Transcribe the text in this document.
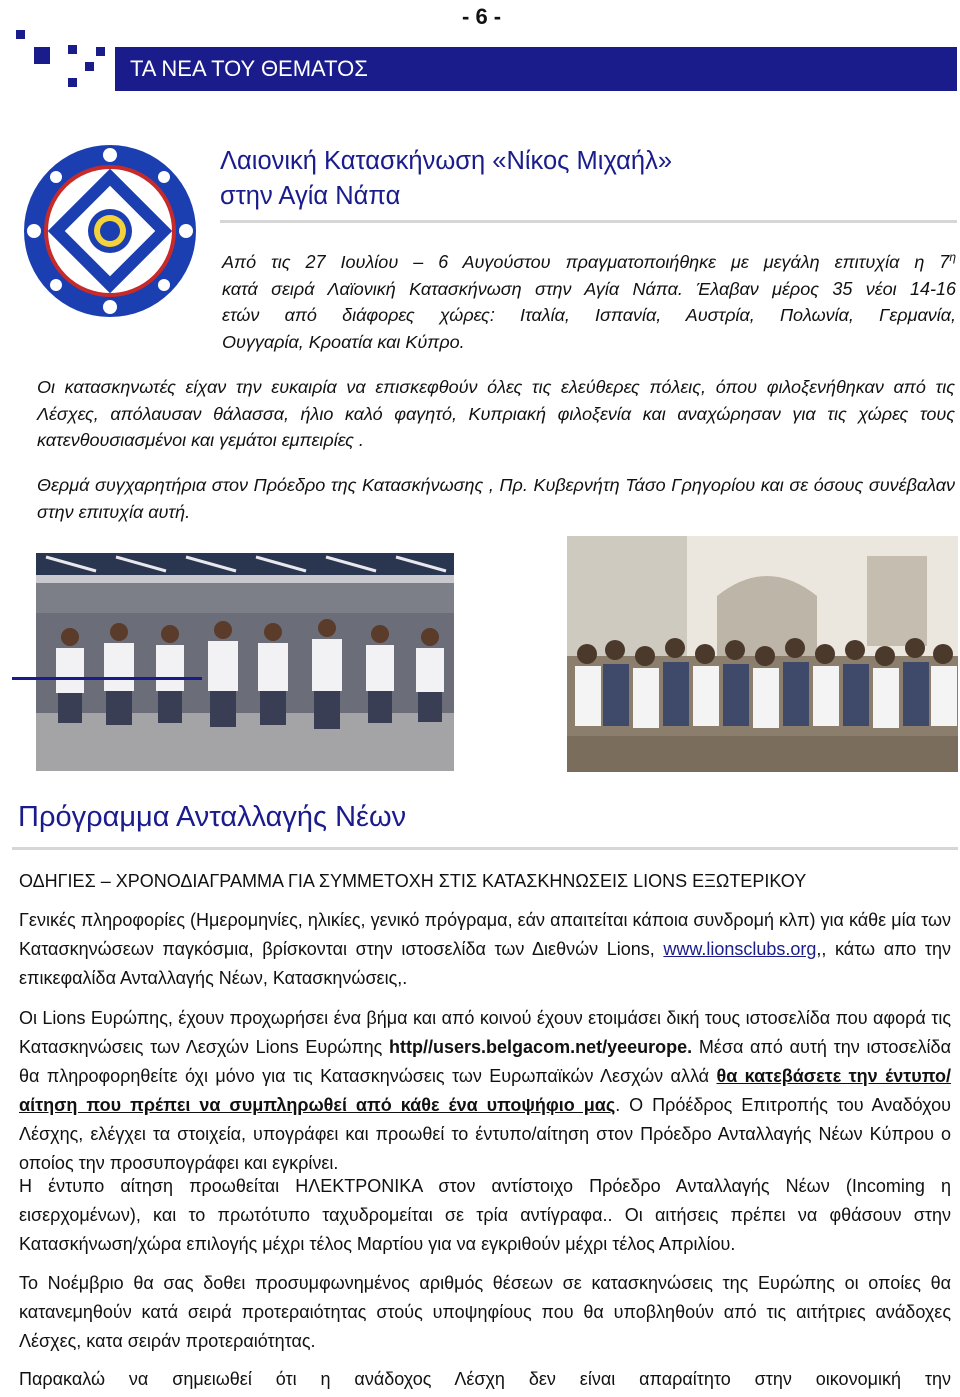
- 6 -
ΤΑ ΝΕΑ ΤΟΥ ΘΕΜΑΤΟΣ
Λαιονική Κατασκήνωση «Νίκος Μιχαήλ»
στην Αγία Νάπα
Από τις 27 Ιουλίου – 6 Αυγούστου πραγματοποιήθηκε με μεγάλη επιτυχία η $7^\eta$
κατά σειρά Λαϊονική Κατασκήνωση στην Αγία Νάπα. Έλαβαν μέρος 35 νέοι 14-16
ετών από διάφορες χώρες: Ιταλία, Ισπανία, Αυστρία, Πολωνία, Γερμανία,
Ουγγαρία, Κροατία και Κύπρο.
Οι κατασκηνωτές είχαν την ευκαιρία να επισκεφθούν όλες τις ελεύθερες πόλεις, όπου φιλοξενήθηκαν από τις Λέσχες, απόλαυσαν θάλασσα, ήλιο καλό φαγητό, Κυπριακή φιλοξενία και αναχώρησαν για τις χώρες τους κατενθουσιασμένοι και γεμάτοι εμπειρίες .
Θερμά συγχαρητήρια στον Πρόεδρο της Κατασκήνωσης , Πρ. Κυβερνήτη Τάσο Γρηγορίου και σε όσους συνέβαλαν στην επιτυχία αυτή.
Πρόγραμμα Ανταλλαγής Νέων
ΟΔΗΓΙΕΣ – ΧΡΟΝΟΔΙΑΓΡΑΜΜΑ ΓΙΑ ΣΥΜΜΕΤΟΧΗ ΣΤΙΣ ΚΑΤΑΣΚΗΝΩΣΕΙΣ LIONS ΕΞΩΤΕΡΙΚΟΥ
Γενικές πληροφορίες (Ημερομηνίες, ηλικίες, γενικό πρόγραμα, εάν απαιτείται κάποια συνδρομή κλπ) για κάθε μία των Κατασκηνώσεων παγκόσμια, βρίσκονται στην ιστοσελίδα των Διεθνών Lions, www.lionsclubs.org,, κάτω απο την επικεφαλίδα Ανταλλαγής Νέων, Κατασκηνώσεις,.
Οι Lions Ευρώπης, έχουν προχωρήσει ένα βήμα και από κοινού έχουν ετοιμάσει δική τους ιστοσελίδα που αφορά τις Κατασκηνώσεις των Λεσχών Lions Ευρώπης http//users.belgacom.net/yeeurope. Μέσα από αυτή την ιστοσελίδα θα πληροφορηθείτε όχι μόνο για τις Κατασκηνώσεις των Ευρωπαϊκών Λεσχών αλλά θα κατεβάσετε την έντυπο/αίτηση που πρέπει να συμπληρωθεί από κάθε ένα υποψήφιο μας. Ο Πρόέδρος Επιτροπής του Αναδόχου Λέσχης, ελέγχει τα στοιχεία, υπογράφει και προωθεί το έντυπο/αίτηση στον Πρόεδρο Ανταλλαγής Νέων Κύπρου ο οποίος την προσυπογράφει και εγκρίνει.
Η έντυπο αίτηση προωθείται ΗΛΕΚΤΡΟΝΙΚΑ στον αντίστοιχο Πρόεδρο Ανταλλαγής Νέων (Incoming η εισερχομένων), και το πρωτότυπο ταχυδρομείται σε τρία αντίγραφα.. Οι αιτήσεις πρέπει να φθάσουν στην Κατασκήνωση/χώρα επιλογής μέχρι τέλος Μαρτίου για να εγκριθούν μέχρι τέλος Απριλίου.
Το Νοέμβριο θα σας δοθει προσυμφωνημένος αριθμός θέσεων σε κατασκηνώσεις της Ευρώπης οι οποίες θα κατανεμηθούν κατά σειρά προτεραιότητας στούς υποψηφίους που θα υποβληθούν από τις αιτήτριες ανάδοχες Λέσχες, κατα σειράν προτεραιότητας.
Παρακαλώ να σημειωθεί ότι η ανάδοχος Λέσχη δεν είναι απαραίτητο στην οικονομική την
